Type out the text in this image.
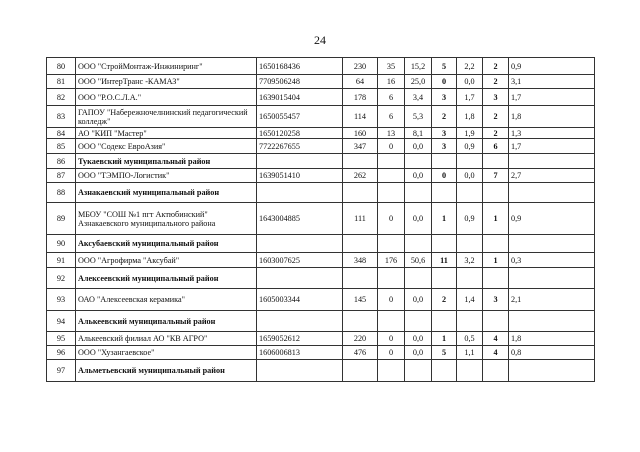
24
80	ООО "СтройМонтаж-Инжиниринг"	1650168436	230	35	15,2	5	2,2	2	0,9
81	ООО "ИнтерТранс -КАМАЗ"	7709506248	64	16	25,0	0	0,0	2	3,1
82	ООО "Р.О.С.Л.А."	1639015404	178	6	3,4	3	1,7	3	1,7
83	ГАПОУ "Набережночелнинский педагогический колледж"	1650055457	114	6	5,3	2	1,8	2	1,8
84	АО "КИП "Мастер"	1650120258	160	13	8,1	3	1,9	2	1,3
85	ООО "Содекс ЕвроАзия"	7722267655	347	0	0,0	3	0,9	6	1,7
86	Тукаевский муниципальный район								
87	ООО "ТЭМПО-Логистик"	1639051410	262		0,0	0	0,0	7	2,7
88	Азнакаевский муниципальный район								
89	МБОУ "СОШ №1 пгт Актюбинский" Азнакаевского муниципального района	1643004885	111	0	0,0	1	0,9	1	0,9
90	Аксубаевский муниципальный район								
91	ООО "Агрофирма "Аксубай"	1603007625	348	176	50,6	11	3,2	1	0,3
92	Алексеевский муниципальный район								
93	ОАО "Алексеевская керамика"	1605003344	145	0	0,0	2	1,4	3	2,1
94	Алькеевский муниципальный район								
95	Алькеевский филиал АО "КВ АГРО"	1659052612	220	0	0,0	1	0,5	4	1,8
96	ООО "Хузангаевское"	1606006813	476	0	0,0	5	1,1	4	0,8
97	Альметьевский муниципальный район								
